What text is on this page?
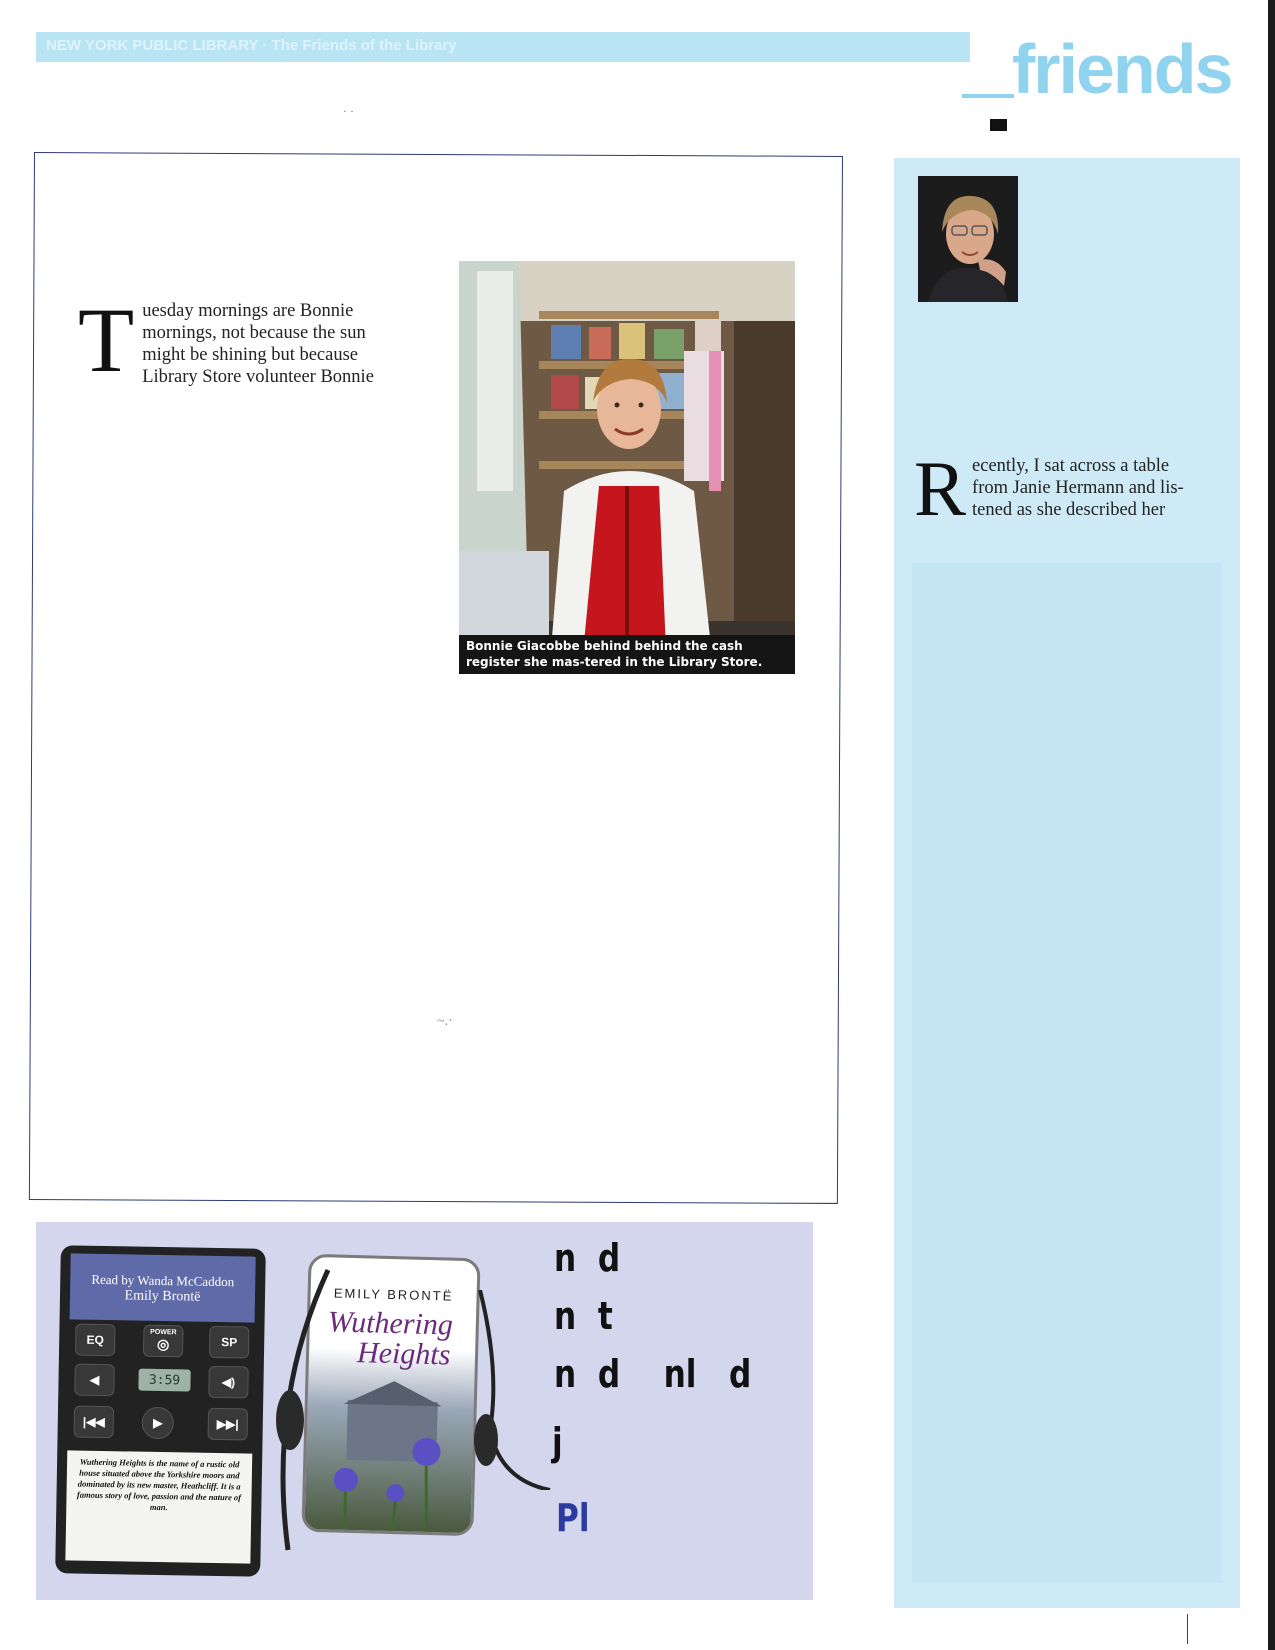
NEW YORK PUBLIC LIBRARY · The Friends of the Library	friends
· ·
Tuesday mornings are Bonnie mornings, not because the sun might be shining but because Library Store volunteer Bonnie
Bonnie Giacobbe behind behind the cash register she mas-tered in the Library Store.
~.·
Recently, I sat across a table from Janie Hermann and lis-tened as she described her
Read by Wanda McCaddon
Emily Brontë
EQ
POWER
◎	SP
◀	3:59	◀)
|◀◀	▶	▶▶|
Wuthering Heights is the name of a rustic old house situated above the Yorkshire moors and dominated by its new master, Heathcliff. It is a famous story of love, passion and the nature of man.
EMILY BRONTË
Wuthering
Heights
n  d
n  t
n  d    nl   d
j
Pl
